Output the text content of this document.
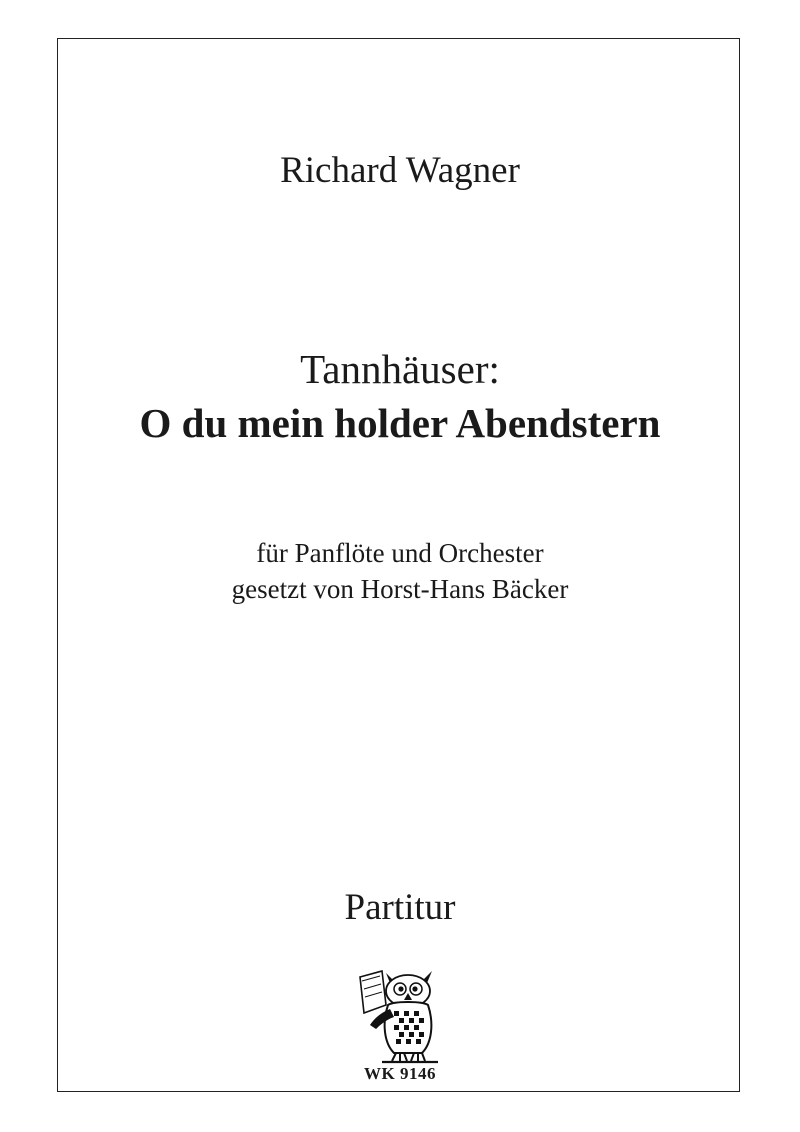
Richard Wagner
Tannhäuser:
O du mein holder Abendstern
für Panflöte und Orchester
gesetzt von Horst-Hans Bäcker
Partitur
WK 9146
